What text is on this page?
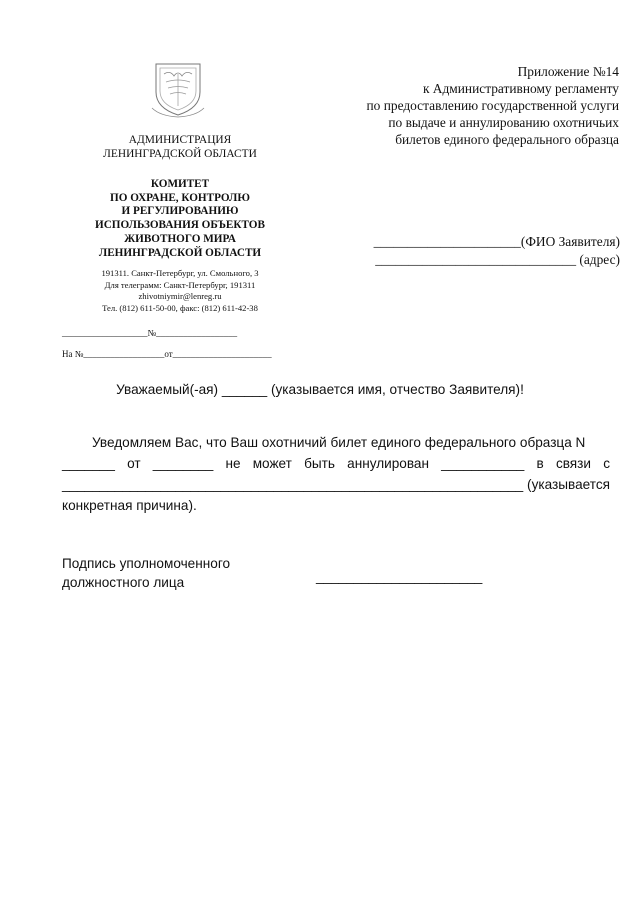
Приложение №14
к Административному регламенту
по предоставлению государственной услуги
по выдаче и аннулированию охотничьих
билетов единого федерального образца
АДМИНИСТРАЦИЯ
ЛЕНИНГРАДСКОЙ ОБЛАСТИ
КОМИТЕТ
ПО ОХРАНЕ, КОНТРОЛЮ
И РЕГУЛИРОВАНИЮ
ИСПОЛЬЗОВАНИЯ ОБЪЕКТОВ
ЖИВОТНОГО МИРА
ЛЕНИНГРАДСКОЙ ОБЛАСТИ
191311. Санкт-Петербург, ул. Смольного, 3
Для телеграмм: Санкт-Петербург, 191311
zhivotniymir@lenreg.ru
Тел. (812) 611-50-00, факс: (812) 611-42-38
___________________№__________________
На №__________________от______________________
______________________(ФИО Заявителя)
______________________________ (адрес)
Уважаемый(-ая) ______ (указывается имя, отчество Заявителя)!
Уведомляем Вас, что Ваш охотничий билет единого федерального образца N
_______ от ________ не может быть аннулирован ___________ в связи с
_____________________________________________________________ (указывается
конкретная причина).
Подпись уполномоченного
должностного лица	______________________
